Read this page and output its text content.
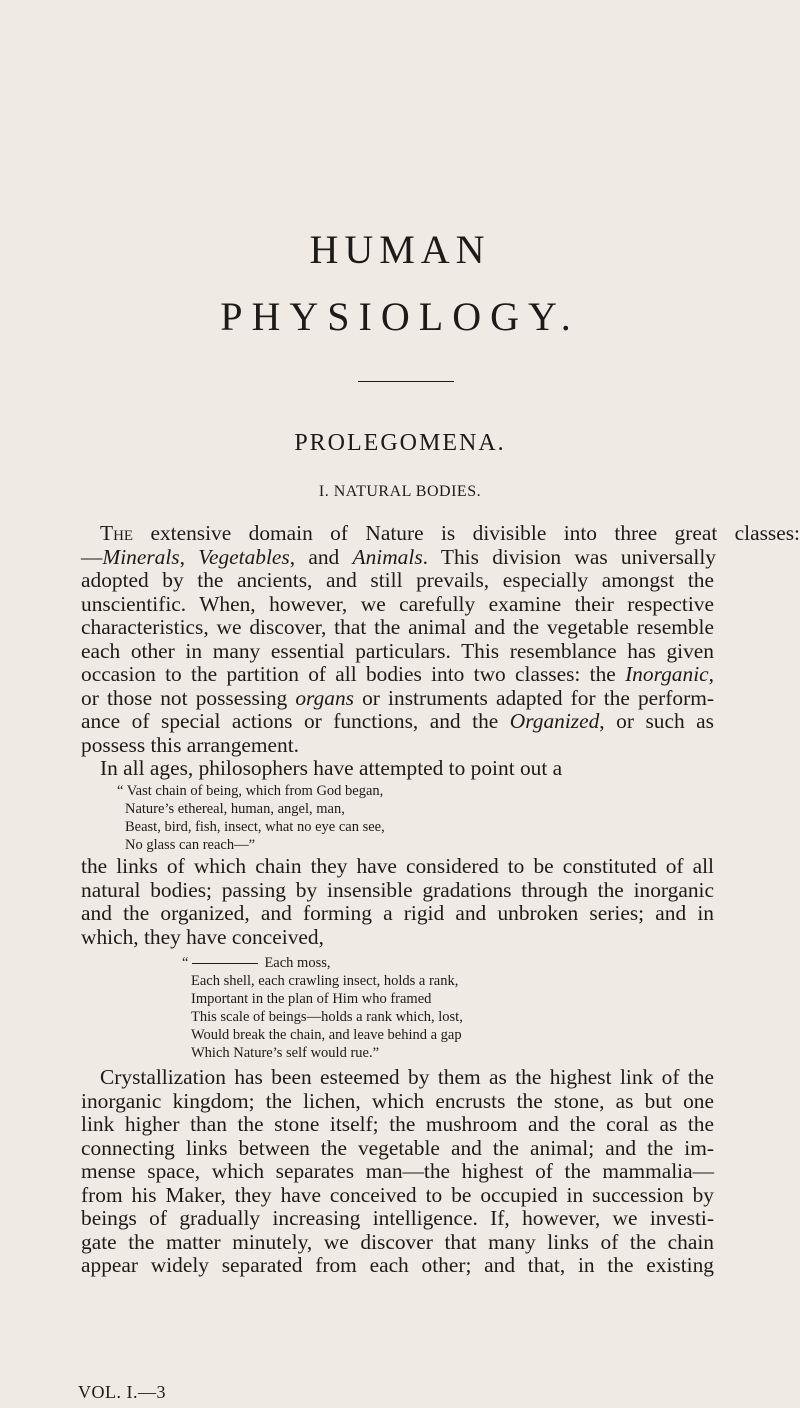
HUMAN
PHYSIOLOGY.
PROLEGOMENA.
I. NATURAL BODIES.
The extensive domain of Nature is divisible into three great classes:
—Minerals, Vegetables, and Animals. This division was universally
adopted by the ancients, and still prevails, especially amongst the
unscientific. When, however, we carefully examine their respective
characteristics, we discover, that the animal and the vegetable resemble
each other in many essential particulars. This resemblance has given
occasion to the partition of all bodies into two classes: the Inorganic,
or those not possessing organs or instruments adapted for the perform-
ance of special actions or functions, and the Organized, or such as
possess this arrangement.
In all ages, philosophers have attempted to point out a
“ Vast chain of being, which from God began,
Nature’s ethereal, human, angel, man,
Beast, bird, fish, insect, what no eye can see,
No glass can reach—”
the links of which chain they have considered to be constituted of all
natural bodies; passing by insensible gradations through the inorganic
and the organized, and forming a rigid and unbroken series; and in
which, they have conceived,
“	Each moss,
Each shell, each crawling insect, holds a rank,
Important in the plan of Him who framed
This scale of beings—holds a rank which, lost,
Would break the chain, and leave behind a gap
Which Nature’s self would rue.”
Crystallization has been esteemed by them as the highest link of the
inorganic kingdom; the lichen, which encrusts the stone, as but one
link higher than the stone itself; the mushroom and the coral as the
connecting links between the vegetable and the animal; and the im-
mense space, which separates man—the highest of the mammalia—
from his Maker, they have conceived to be occupied in succession by
beings of gradually increasing intelligence. If, however, we investi-
gate the matter minutely, we discover that many links of the chain
appear widely separated from each other; and that, in the existing
VOL. I.—3
